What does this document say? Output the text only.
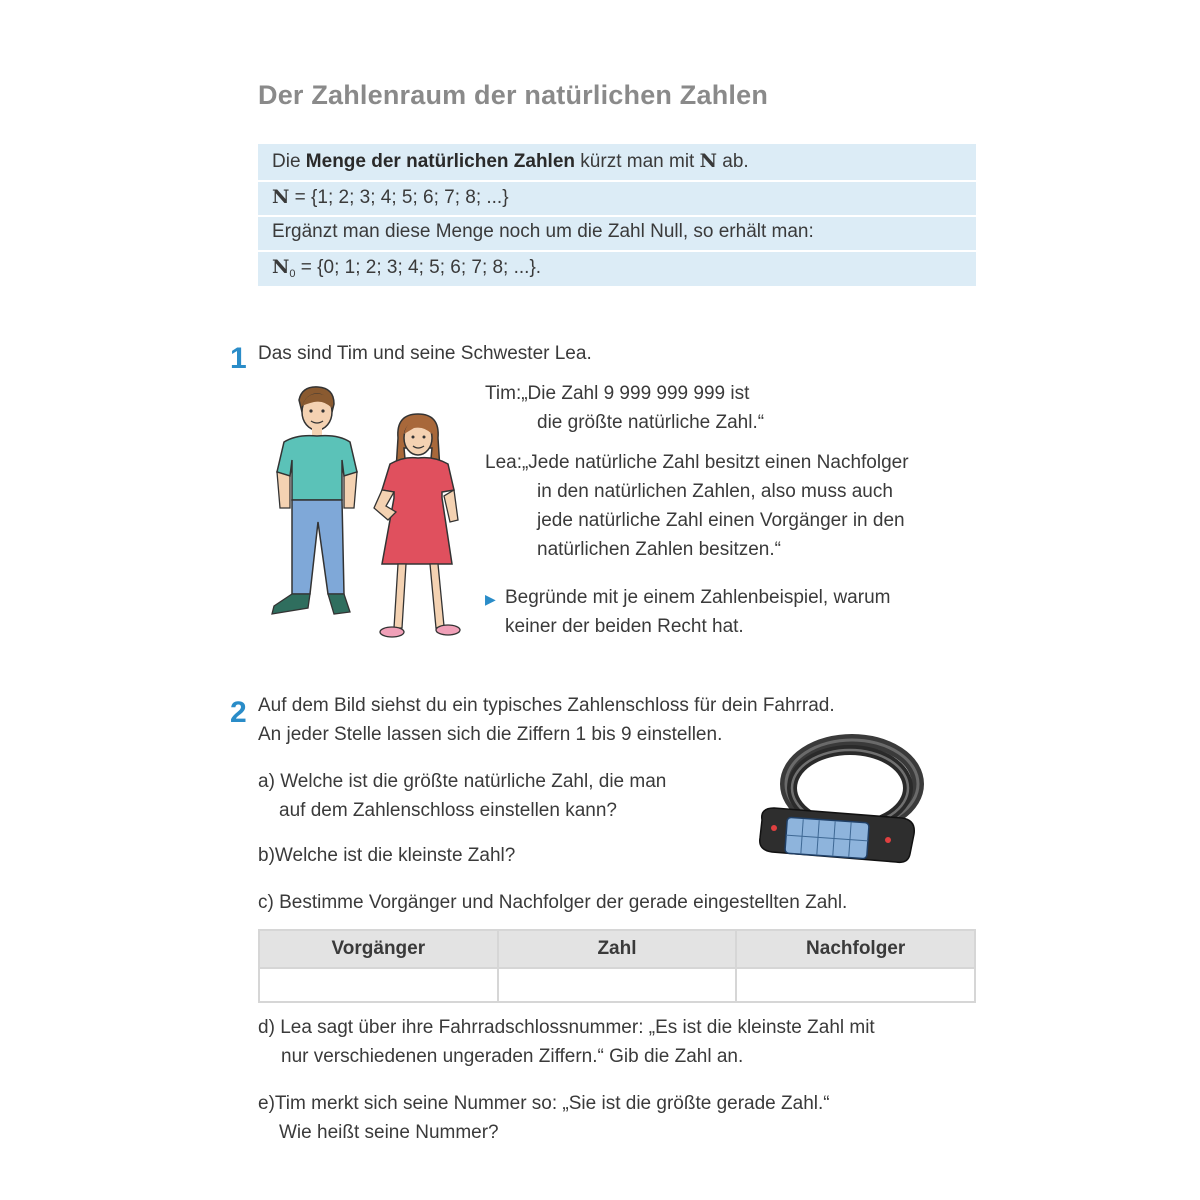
Der Zahlenraum der natürlichen Zahlen
Die Menge der natürlichen Zahlen kürzt man mit N ab.
N = {1; 2; 3; 4; 5; 6; 7; 8; ...}
Ergänzt man diese Menge noch um die Zahl Null, so erhält man:
$N_0 = \{0$; 1; 2; 3; 4; 5; 6; 7; 8; ...}.
1 Das sind Tim und seine Schwester Lea.
Tim:„Die Zahl 9 999 999 999 ist
die größte natürliche Zahl.“
Lea:„Jede natürliche Zahl besitzt einen Nachfolger
in den natürlichen Zahlen, also muss auch
jede natürliche Zahl einen Vorgänger in den
natürlichen Zahlen besitzen.“
▶ Begründe mit je einem Zahlenbeispiel, warum
keiner der beiden Recht hat.
2 Auf dem Bild siehst du ein typisches Zahlenschloss für dein Fahrrad.
An jeder Stelle lassen sich die Ziffern 1 bis 9 einstellen.
a) Welche ist die größte natürliche Zahl, die man
auf dem Zahlenschloss einstellen kann?
b)Welche ist die kleinste Zahl?
c) Bestimme Vorgänger und Nachfolger der gerade eingestellten Zahl.
Vorgänger	Zahl	Nachfolger

d) Lea sagt über ihre Fahrradschlossnummer: „Es ist die kleinste Zahl mit
nur verschiedenen ungeraden Ziffern.“ Gib die Zahl an.
e)Tim merkt sich seine Nummer so: „Sie ist die größte gerade Zahl.“
Wie heißt seine Nummer?
